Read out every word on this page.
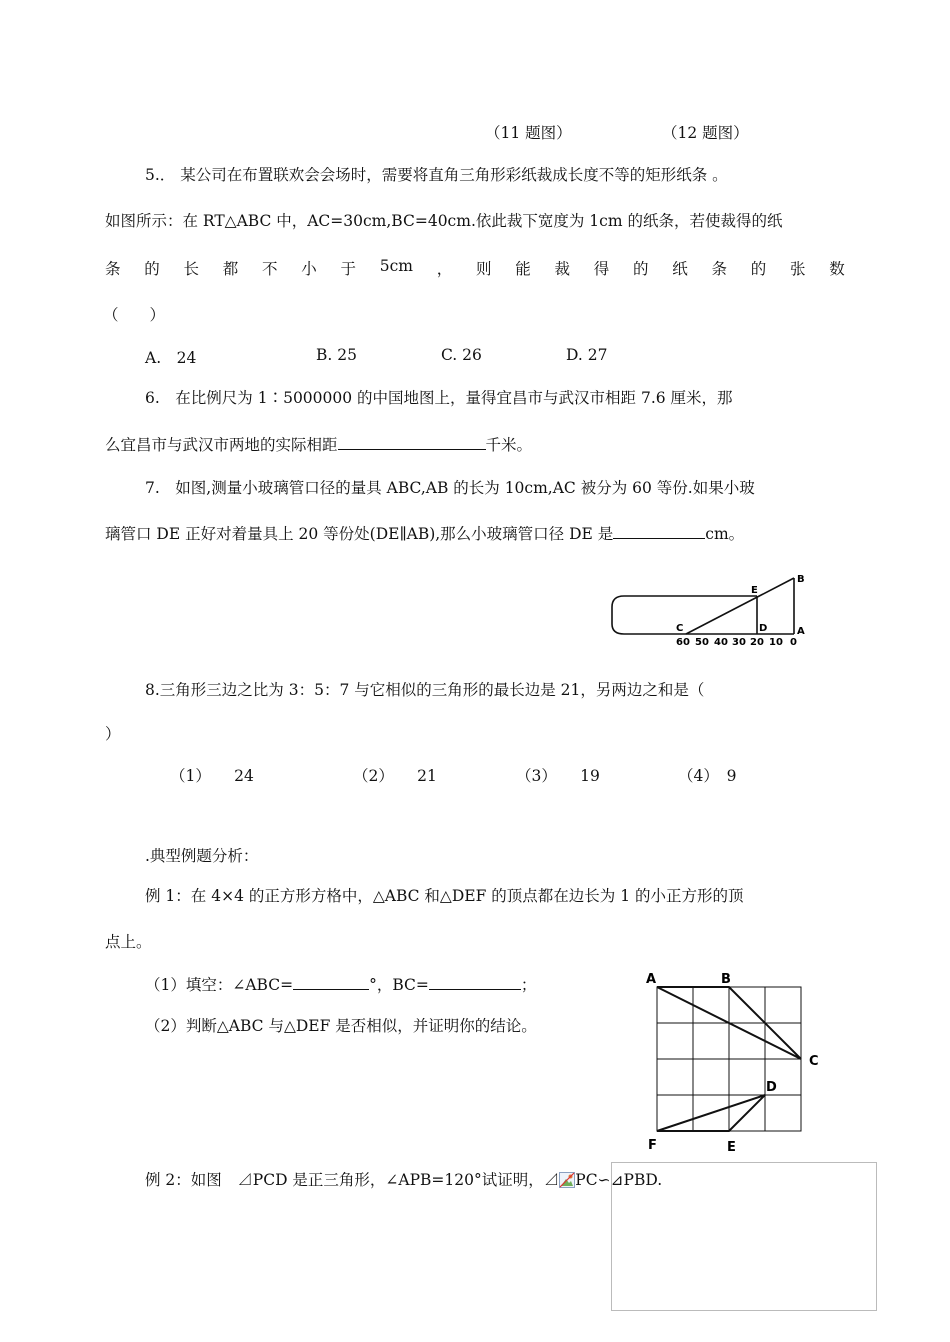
（11 题图）	（12 题图）
5.． 某公司在布置联欢会会场时，需要将直角三角形彩纸裁成长度不等的矩形纸条 。
如图所示：在 RT△ABC 中，AC=30cm,BC=40cm.依此裁下宽度为 1cm 的纸条，若使裁得的纸
条 的 长 都 不 小 于 5cm ， 则 能 裁 得 的 纸 条 的 张 数
（　　）
A.　24	B. 25	C. 26	D. 27
6.　在比例尺为 1∶5000000 的中国地图上，量得宜昌市与武汉市相距 7.6 厘米，那
么宜昌市与武汉市两地的实际相距	千米。
7.　如图,测量小玻璃管口径的量具 ABC,AB 的长为 10cm,AC 被分为 60 等份.如果小玻
璃管口 DE 正好对着量具上 20 等份处(DE∥AB),那么小玻璃管口径 DE 是	cm。
B
E
C	D	A
60 50 40 30 20 10 0
8.三角形三边之比为 3：5：7 与它相似的三角形的最长边是 21，另两边之和是（
）
（1）　　24	（2）　　21	（3）　　19	（4）　9
.典型例题分析：
例 1：在 4×4 的正方形方格中，△ABC 和△DEF 的顶点都在边长为 1 的小正方形的顶
点上。
（1）填空：∠ABC=	°，BC=	；
（2）判断△ABC 与△DEF 是否相似，并证明你的结论。
A	B
C
D
E
F
例 2：如图　⊿PCD 是正三角形，∠APB=120°试证明，⊿ PC∽⊿PBD.
